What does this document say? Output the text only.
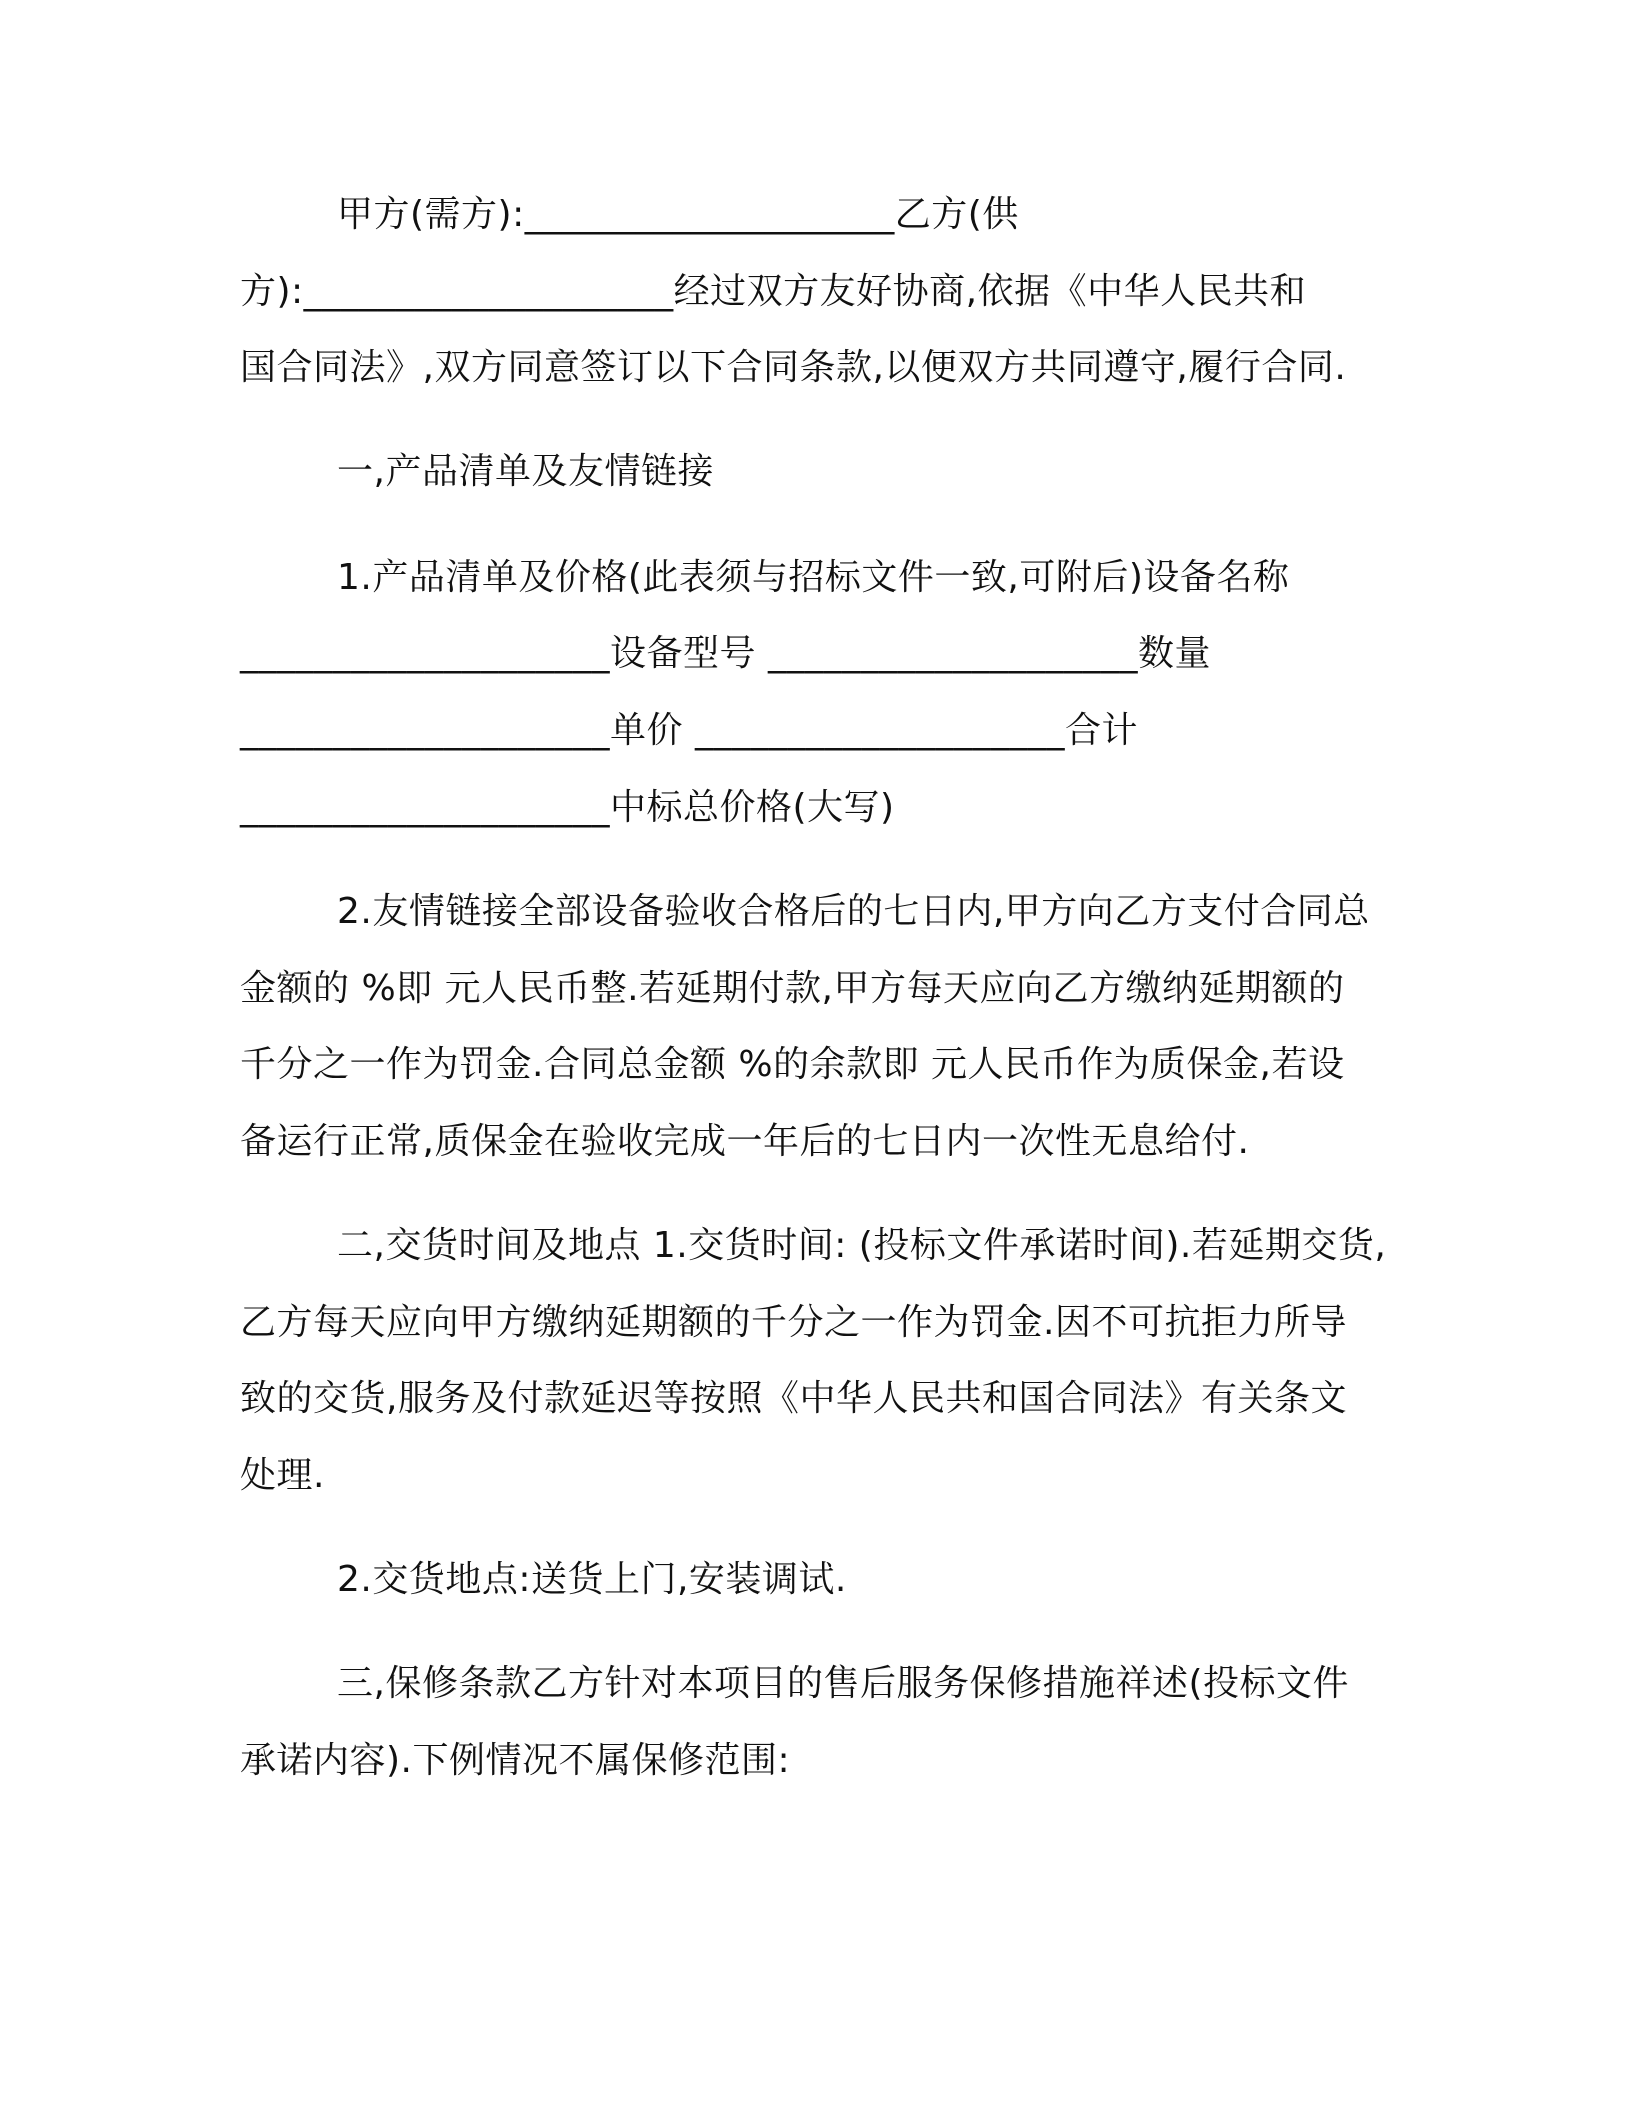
甲方(需方):____________________乙方(供
方):____________________经过双方友好协商,依据《中华人民共和
国合同法》,双方同意签订以下合同条款,以便双方共同遵守,履行合同.
一,产品清单及友情链接
1.产品清单及价格(此表须与招标文件一致,可附后)设备名称
____________________设备型号 ____________________数量
____________________单价 ____________________合计
____________________中标总价格(大写)
2.友情链接全部设备验收合格后的七日内,甲方向乙方支付合同总
金额的 %即 元人民币整.若延期付款,甲方每天应向乙方缴纳延期额的
千分之一作为罚金.合同总金额 %的余款即 元人民币作为质保金,若设
备运行正常,质保金在验收完成一年后的七日内一次性无息给付.
二,交货时间及地点 1.交货时间: (投标文件承诺时间).若延期交货,
乙方每天应向甲方缴纳延期额的千分之一作为罚金.因不可抗拒力所导
致的交货,服务及付款延迟等按照《中华人民共和国合同法》有关条文
处理.
2.交货地点:送货上门,安装调试.
三,保修条款乙方针对本项目的售后服务保修措施祥述(投标文件
承诺内容).下例情况不属保修范围:
